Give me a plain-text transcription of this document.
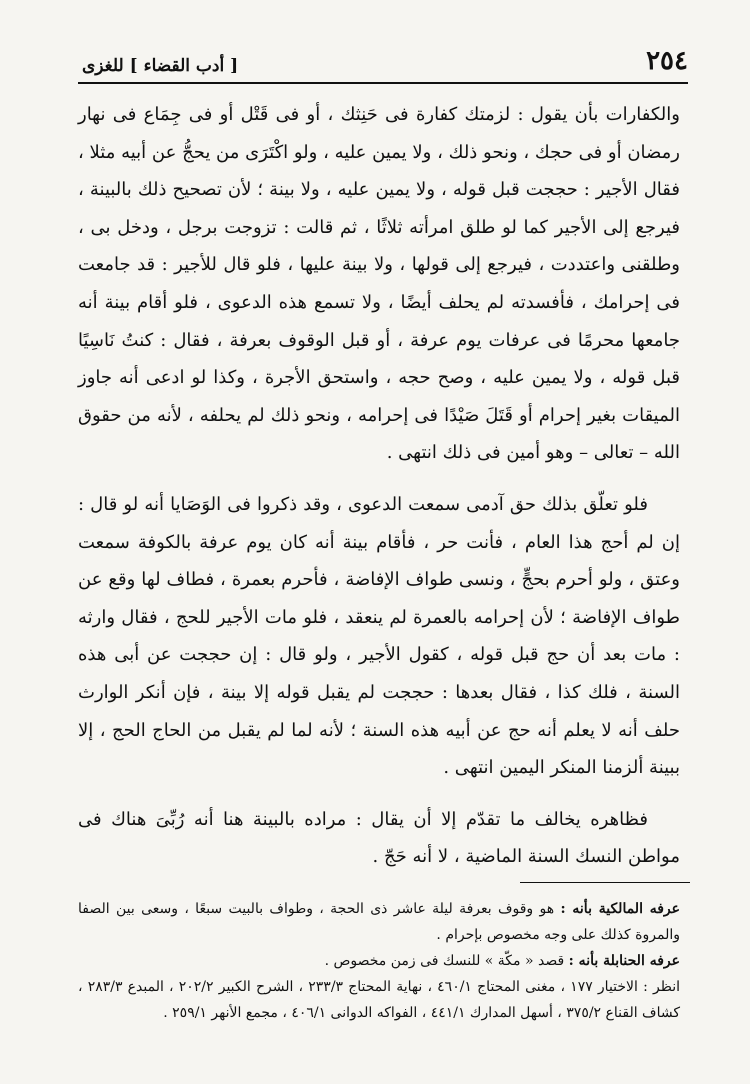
٢٥٤
[ أدب القضاء ] للغزى

والكفارات بأن يقول : لزمتك كفارة فى حَنِثك ، أو فى قَتْل أو فى جِمَاع فى نهار رمضان أو فى حجك ، ونحو ذلك ، ولا يمين عليه ، ولو اكْتَرَى من يحجُّ عن أبيه مثلا ، فقال الأجير : حججت قبل قوله ، ولا يمين عليه ، ولا بينة ؛ لأن تصحيح ذلك بالبينة ، فيرجع إلى الأجير كما لو طلق امرأته ثلاثًا ، ثم قالت : تزوجت برجل ، ودخل بى ، وطلقنى واعتددت ، فيرجع إلى قولها ، ولا بينة عليها ، فلو قال للأجير : قد جامعت فى إحرامك ، فأفسدته لم يحلف أيضًا ، ولا تسمع هذه الدعوى ، فلو أقام بينة أنه جامعها محرمًا فى عرفات يوم عرفة ، أو قبل الوقوف بعرفة ، فقال : كنتُ نَاسِيًا قبل قوله ، ولا يمين عليه ، وصح حجه ، واستحق الأجرة ، وكذا لو ادعى أنه جاوز الميقات بغير إحرام أو قَتَلَ صَيْدًا فى إحرامه ، ونحو ذلك لم يحلفه ، لأنه من حقوق الله – تعالى – وهو أمين فى ذلك انتهى .

فلو تعلّق بذلك حق آدمى سمعت الدعوى ، وقد ذكروا فى الوَصَايا أنه لو قال : إن لم أحج هذا العام ، فأنت حر ، فأقام بينة أنه كان يوم عرفة بالكوفة سمعت وعتق ، ولو أحرم بحجٍّ ، ونسى طواف الإفاضة ، فأحرم بعمرة ، فطاف لها وقع عن طواف الإفاضة ؛ لأن إحرامه بالعمرة لم ينعقد ، فلو مات الأجير للحج ، فقال وارثه : مات بعد أن حج قبل قوله ، كقول الأجير ، ولو قال : إن حججت عن أبى هذه السنة ، فلك كذا ، فقال بعدها : حججت لم يقبل قوله إلا بينة ، فإن أنكر الوارث حلف أنه لا يعلم أنه حج عن أبيه هذه السنة ؛ لأنه لما لم يقبل من الحاج الحج ، إلا ببينة ألزمنا المنكر اليمين انتهى .

فظاهره يخالف ما تقدّم إلا أن يقال : مراده بالبينة هنا أنه رُبِّىَ هناك فى مواطن النسك السنة الماضية ، لا أنه حَجّ .

عرفه المالكية بأنه : هو وقوف بعرفة ليلة عاشر ذى الحجة ، وطواف بالبيت سبعًا ، وسعى بين الصفا والمروة كذلك على وجه مخصوص بإحرام .

عرفه الحنابلة بأنه : قصد « مكّة » للنسك فى زمن مخصوص .

انظر : الاختيار ١٧٧ ، مغنى المحتاج ٤٦٠/١ ، نهاية المحتاج ٢٣٣/٣ ، الشرح الكبير ٢٠٢/٢ ، المبدع ٢٨٣/٣ ، كشاف القناع ٣٧٥/٢ ، أسهل المدارك ٤٤١/١ ، الفواكه الدوانى ٤٠٦/١ ، مجمع الأنهر ٢٥٩/١ .
